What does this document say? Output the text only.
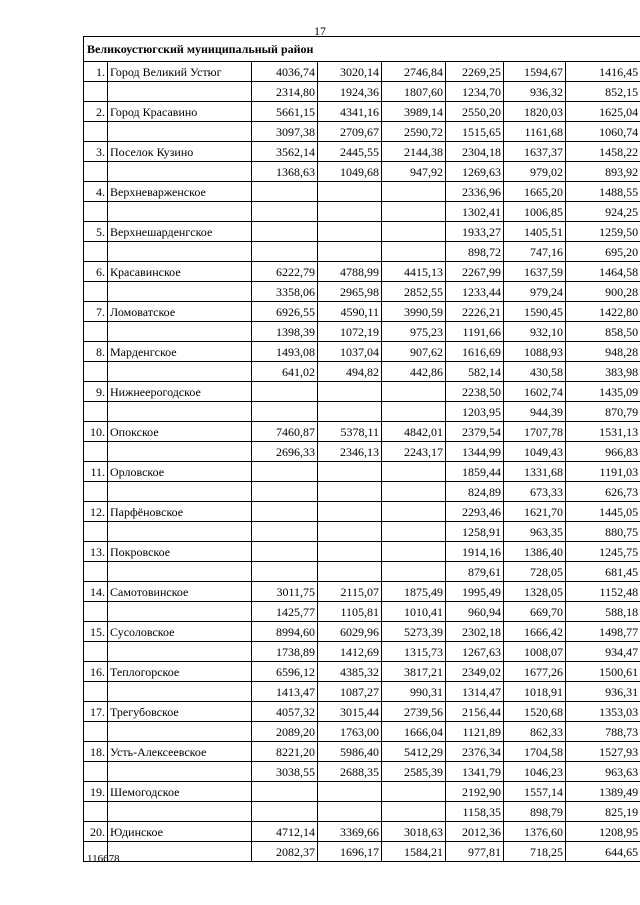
17
Великоустюгский муниципальный район							
1.	Город Великий Устюг	4036,74	3020,14	2746,84	2269,25	1594,67	1416,45
		2314,80	1924,36	1807,60	1234,70	936,32	852,15
2.	Город Красавино	5661,15	4341,16	3989,14	2550,20	1820,03	1625,04
		3097,38	2709,67	2590,72	1515,65	1161,68	1060,74
3.	Поселок Кузино	3562,14	2445,55	2144,38	2304,18	1637,37	1458,22
		1368,63	1049,68	947,92	1269,63	979,02	893,92
4.	Верхневарженское				2336,96	1665,20	1488,55
					1302,41	1006,85	924,25
5.	Верхнешарденгское				1933,27	1405,51	1259,50
					898,72	747,16	695,20
6.	Красавинское	6222,79	4788,99	4415,13	2267,99	1637,59	1464,58
		3358,06	2965,98	2852,55	1233,44	979,24	900,28
7.	Ломоватское	6926,55	4590,11	3990,59	2226,21	1590,45	1422,80
		1398,39	1072,19	975,23	1191,66	932,10	858,50
8.	Марденгское	1493,08	1037,04	907,62	1616,69	1088,93	948,28
		641,02	494,82	442,86	582,14	430,58	383,98
9.	Нижнеерогодское				2238,50	1602,74	1435,09
					1203,95	944,39	870,79
10.	Опокское	7460,87	5378,11	4842,01	2379,54	1707,78	1531,13
		2696,33	2346,13	2243,17	1344,99	1049,43	966,83
11.	Орловское				1859,44	1331,68	1191,03
					824,89	673,33	626,73
12.	Парфёновское				2293,46	1621,70	1445,05
					1258,91	963,35	880,75
13.	Покровское				1914,16	1386,40	1245,75
					879,61	728,05	681,45
14.	Самотовинское	3011,75	2115,07	1875,49	1995,49	1328,05	1152,48
		1425,77	1105,81	1010,41	960,94	669,70	588,18
15.	Сусоловское	8994,60	6029,96	5273,39	2302,18	1666,42	1498,77
		1738,89	1412,69	1315,73	1267,63	1008,07	934,47
16.	Теплогорское	6596,12	4385,32	3817,21	2349,02	1677,26	1500,61
		1413,47	1087,27	990,31	1314,47	1018,91	936,31
17.	Трегубовское	4057,32	3015,44	2739,56	2156,44	1520,68	1353,03
		2089,20	1763,00	1666,04	1121,89	862,33	788,73
18.	Усть-Алексеевское	8221,20	5986,40	5412,29	2376,34	1704,58	1527,93
		3038,55	2688,35	2585,39	1341,79	1046,23	963,63
19.	Шемогодское				2192,90	1557,14	1389,49
					1158,35	898,79	825,19
20.	Юдинское	4712,14	3369,66	3018,63	2012,36	1376,60	1208,95
		2082,37	1696,17	1584,21	977,81	718,25	644,65
116678
